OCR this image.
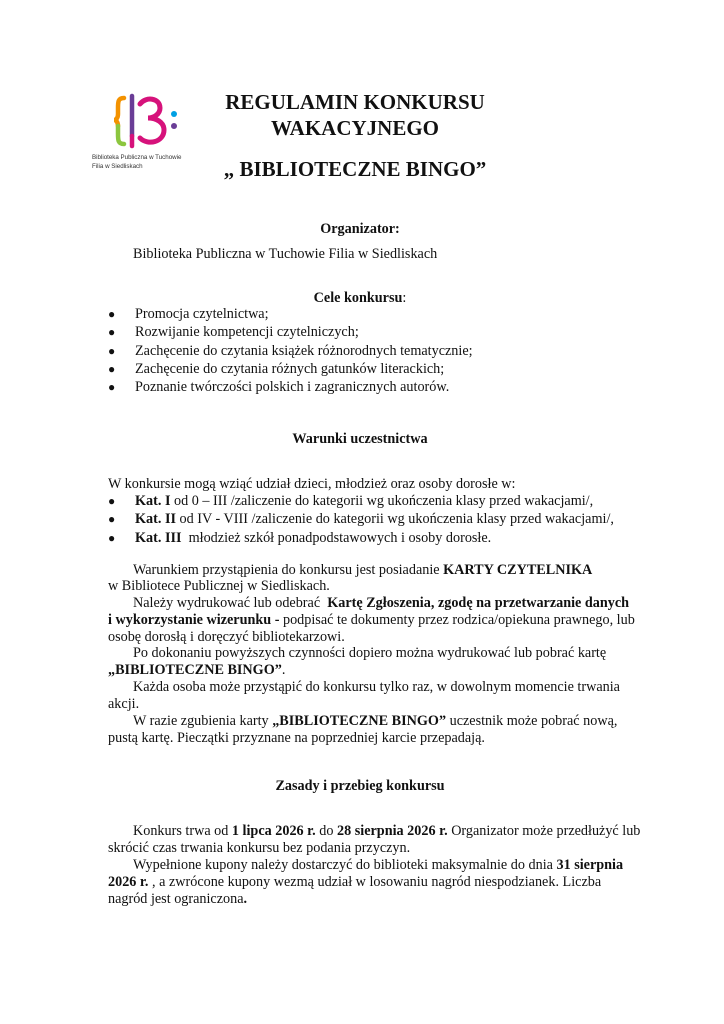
Biblioteka Publiczna w Tuchowie
Filia w Siedliskach
REGULAMIN KONKURSU
WAKACYJNEGO
„ BIBLIOTECZNE BINGO”
Organizator:
Biblioteka Publiczna w Tuchowie Filia w Siedliskach
Cele konkursu:
● Promocja czytelnictwa;
● Rozwijanie kompetencji czytelniczych;
● Zachęcenie do czytania książek różnorodnych tematycznie;
● Zachęcenie do czytania różnych gatunków literackich;
● Poznanie twórczości polskich i zagranicznych autorów.
Warunki uczestnictwa
W konkursie mogą wziąć udział dzieci, młodzież oraz osoby dorosłe w:
● Kat. I od 0 – III /zaliczenie do kategorii wg ukończenia klasy przed wakacjami/,
● Kat. II od IV - VIII /zaliczenie do kategorii wg ukończenia klasy przed wakacjami/,
● Kat. III  młodzież szkół ponadpodstawowych i osoby dorosłe.
Warunkiem przystąpienia do konkursu jest posiadanie KARTY CZYTELNIKA
w Bibliotece Publicznej w Siedliskach.
Należy wydrukować lub odebrać  Kartę Zgłoszenia, zgodę na przetwarzanie danych
i wykorzystanie wizerunku - podpisać te dokumenty przez rodzica/opiekuna prawnego, lub
osobę dorosłą i doręczyć bibliotekarzowi.
Po dokonaniu powyższych czynności dopiero można wydrukować lub pobrać kartę
„BIBLIOTECZNE BINGO”.
Każda osoba może przystąpić do konkursu tylko raz, w dowolnym momencie trwania
akcji.
W razie zgubienia karty „BIBLIOTECZNE BINGO” uczestnik może pobrać nową,
pustą kartę. Pieczątki przyznane na poprzedniej karcie przepadają.
Zasady i przebieg konkursu
Konkurs trwa od 1 lipca 2026 r. do 28 sierpnia 2026 r. Organizator może przedłużyć lub
skrócić czas trwania konkursu bez podania przyczyn.
Wypełnione kupony należy dostarczyć do biblioteki maksymalnie do dnia 31 sierpnia
2026 r. , a zwrócone kupony wezmą udział w losowaniu nagród niespodzianek. Liczba
nagród jest ograniczona.
